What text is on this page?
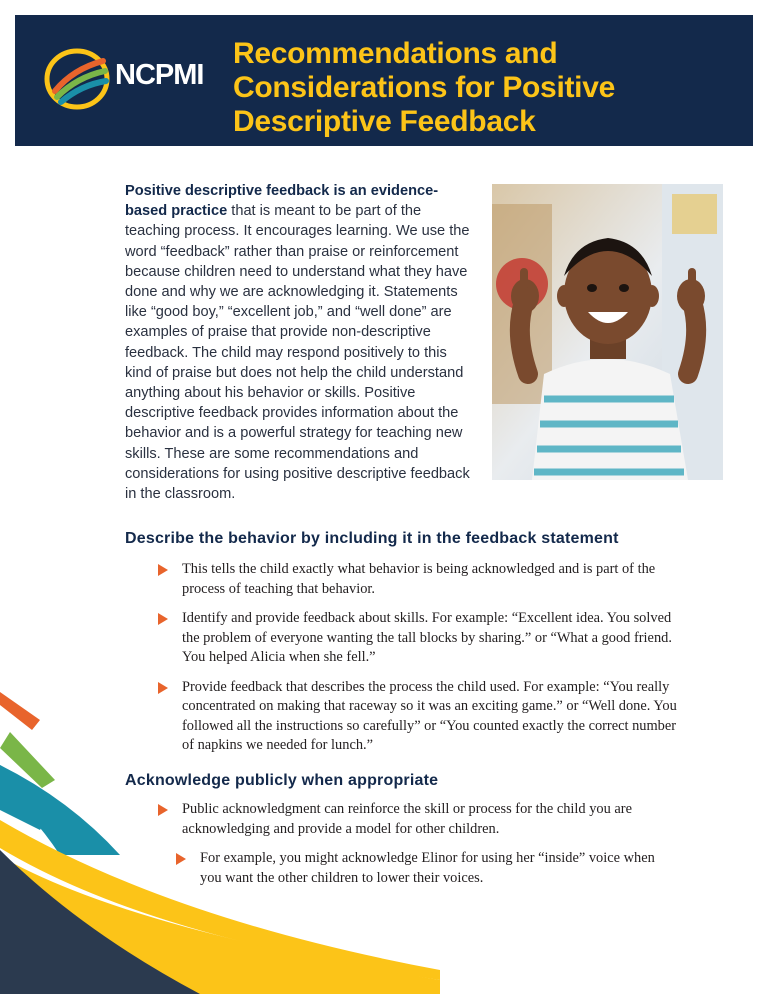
NCPMI
Recommendations and
Considerations for Positive
Descriptive Feedback

Positive descriptive feedback is an evidence-based practice that is meant to be part of the teaching process. It encourages learning. We use the word “feedback” rather than praise or reinforcement because children need to understand what they have done and why we are acknowledging it. Statements like “good boy,” “excellent job,” and “well done” are examples of praise that provide non-descriptive feedback. The child may respond positively to this kind of praise but does not help the child understand anything about his behavior or skills. Positive descriptive feedback provides information about the behavior and is a powerful strategy for teaching new skills. These are some recommendations and considerations for using positive descriptive feedback in the classroom.

Describe the behavior by including it in the feedback statement
This tells the child exactly what behavior is being acknowledged and is part of the process of teaching that behavior.
Identify and provide feedback about skills. For example: “Excellent idea. You solved the problem of everyone wanting the tall blocks by sharing.” or “What a good friend. You helped Alicia when she fell.”
Provide feedback that describes the process the child used. For example: “You really concentrated on making that raceway so it was an exciting game.” or “Well done. You followed all the instructions so carefully” or “You counted exactly the correct number of napkins we needed for lunch.”
Acknowledge publicly when appropriate
Public acknowledgment can reinforce the skill or process for the child you are acknowledging and provide a model for other children.
For example, you might acknowledge Elinor for using her “inside” voice when you want the other children to lower their voices.
